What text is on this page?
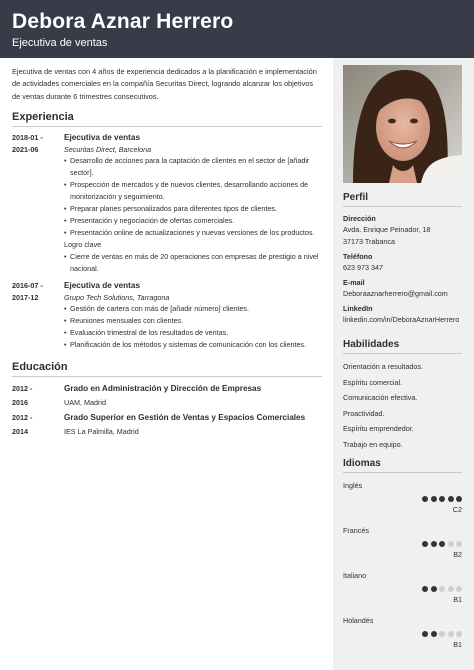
Debora Aznar Herrero
Ejecutiva de ventas
Ejecutiva de ventas con 4 años de experiencia dedicados a la planificación e implementación de actividades comerciales en la compañía Securitas Direct, logrando alcanzar los objetivos de ventas durante 6 trimestres consecutivos.
Experiencia
2018-01 -
2021-06
Ejecutiva de ventas
Securitas Direct, Barcelona
• Desarrollo de acciones para la captación de clientes en el sector de [añadir sector].
• Prospección de mercados y de nuevos clientes, desarrollando acciones de monitorización y seguimiento.
• Preparar planes personalizados para diferentes tipos de clientes.
• Presentación y negociación de ofertas comerciales.
• Presentación online de actualizaciones y nuevas versiones de los productos.
Logro clave
• Cierre de ventas en más de 20 operaciones con empresas de prestigio a nivel nacional.
2016-07 -
2017-12
Ejecutiva de ventas
Grupo Tech Solutions, Tarragona
• Gestión de cartera con más de [añadir número] clientes.
• Reuniones mensuales con clientes.
• Evaluación trimestral de los resultados de ventas.
• Planificación de los métodos y sistemas de comunicación con los clientes.
Educación
2012 -
2016
Grado en Administración y Dirección de Empresas
UAM, Madrid
2012 -
2014
Grado Superior en Gestión de Ventas y Espacios Comerciales
IES La Palmilla, Madrid
Perfil
Dirección
Avda. Enrique Peinador, 18
37173 Trabanca
Teléfono
623 973 347
E-mail
Deboraaznarherrero@gmail.com
LinkedIn
linkedin.com/in/DeboraAznarHerrero
Habilidades
Orientación a resultados.
Espíritu comercial.
Comunicación efectiva.
Proactividad.
Espíritu emprendedor.
Trabajo en equipo.
Idiomas
Inglés
C2
Francés
B2
Italiano
B1
Holandés
B1
